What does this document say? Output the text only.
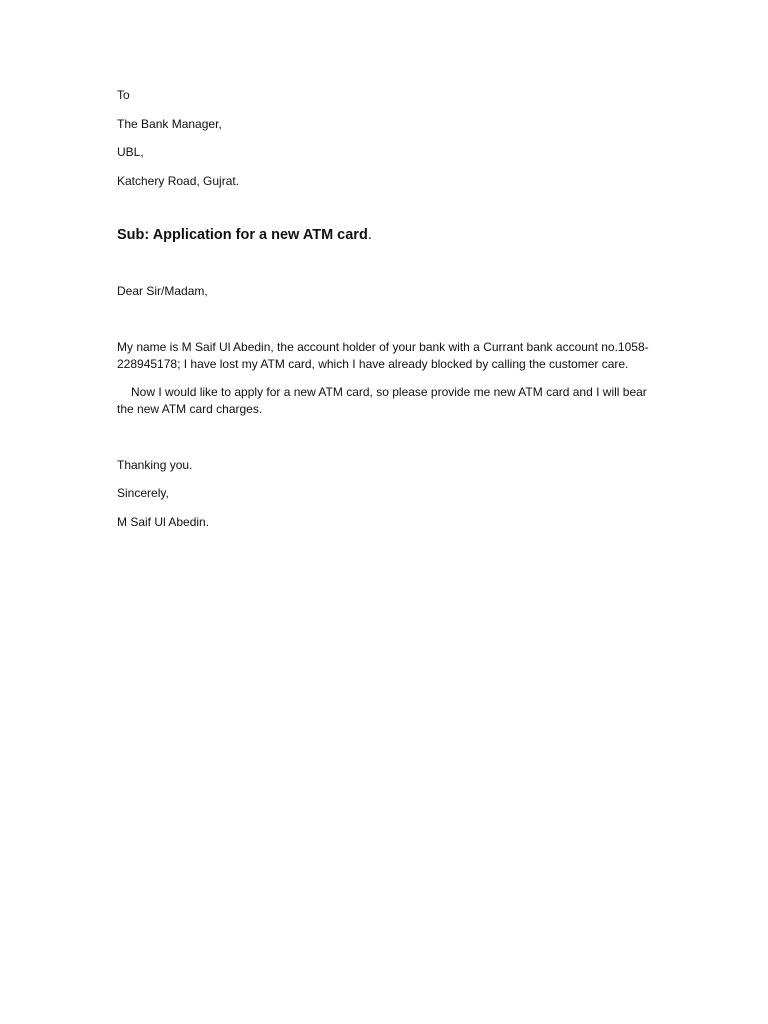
To
The Bank Manager,
UBL,
Katchery Road, Gujrat.
Sub: Application for a new ATM card.
Dear Sir/Madam,

My name is M Saif Ul Abedin, the account holder of your bank with a Currant bank account no.1058-228945178; I have lost my ATM card, which I have already blocked by calling the customer care.

Now I would like to apply for a new ATM card, so please provide me new ATM card and I will bear the new ATM card charges.

Thanking you.
Sincerely,
M Saif Ul Abedin.
